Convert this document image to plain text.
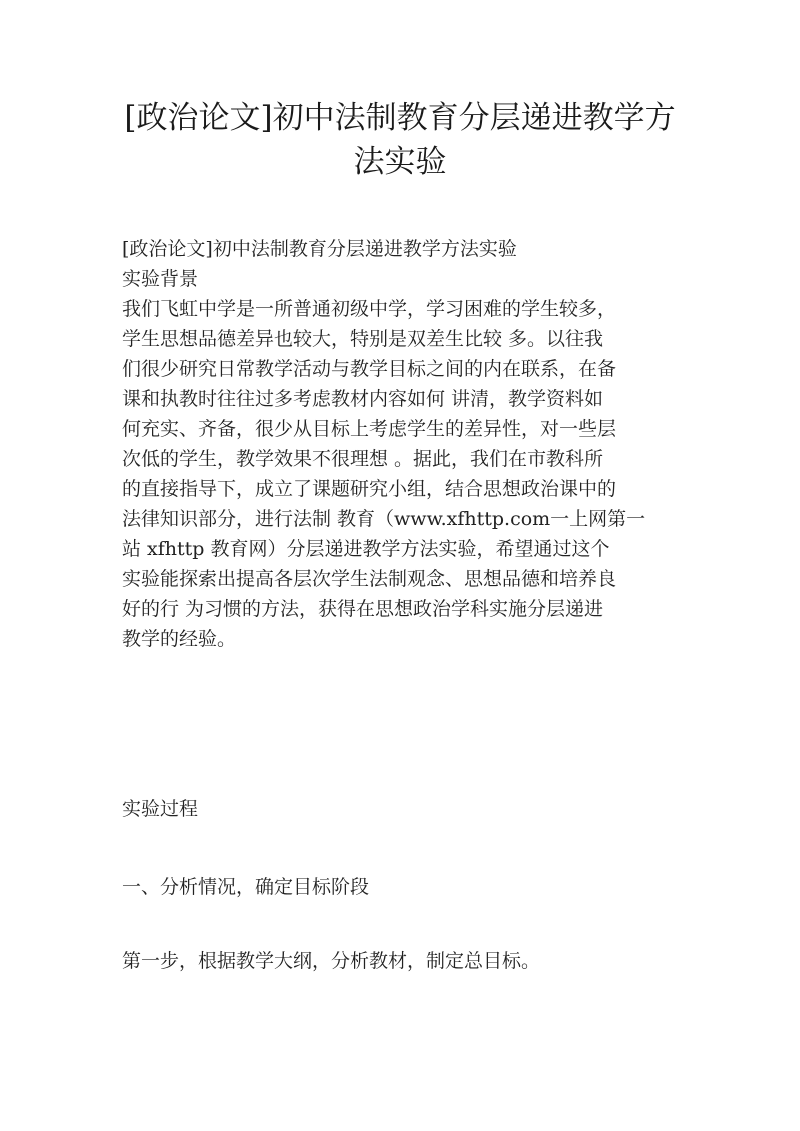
[政治论文]初中法制教育分层递进教学方
法实验
[政治论文]初中法制教育分层递进教学方法实验
实验背景
我们飞虹中学是一所普通初级中学，学习困难的学生较多，
学生思想品德差异也较大，特别是双差生比较 多。以往我
们很少研究日常教学活动与教学目标之间的内在联系，在备
课和执教时往往过多考虑教材内容如何 讲清，教学资料如
何充实、齐备，很少从目标上考虑学生的差异性，对一些层
次低的学生，教学效果不很理想 。据此，我们在市教科所
的直接指导下，成立了课题研究小组，结合思想政治课中的
法律知识部分，进行法制 教育（www.xfhttp.com一上网第一
站 xfhttp 教育网）分层递进教学方法实验，希望通过这个
实验能探索出提高各层次学生法制观念、思想品德和培养良
好的行 为习惯的方法，获得在思想政治学科实施分层递进
教学的经验。
实验过程
一、分析情况，确定目标阶段
第一步，根据教学大纲，分析教材，制定总目标。
